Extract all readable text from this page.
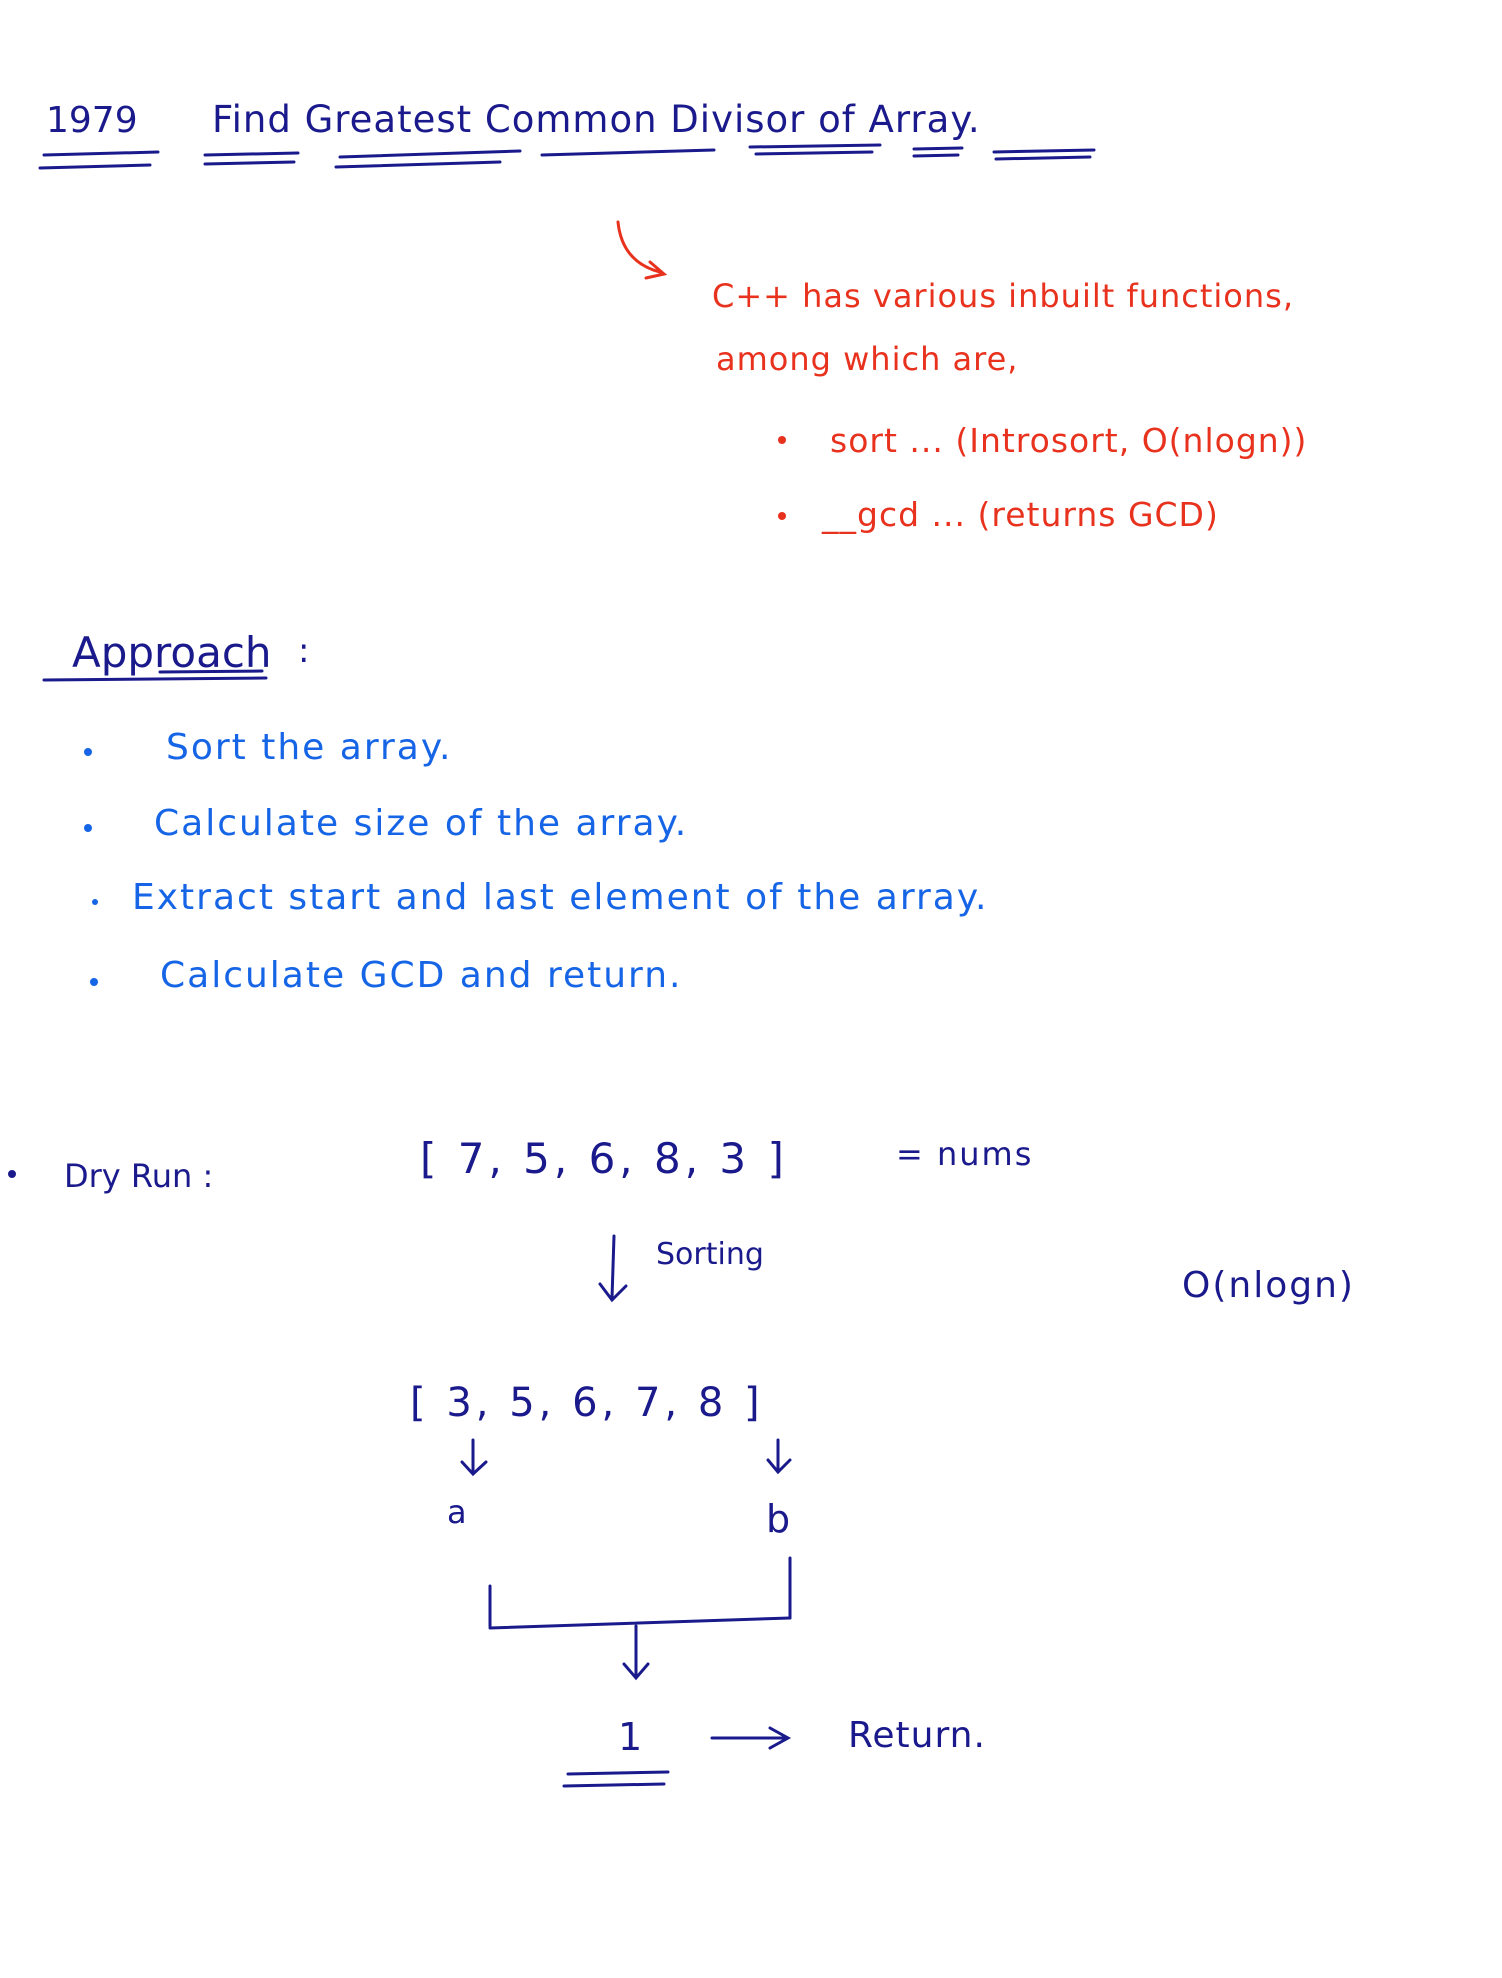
1979 Find Greatest Common Divisor of Array.
C++ has various inbuilt functions,
among which are,
sort ... (Introsort, O(nlogn))
__gcd ... (returns GCD)
Approach :
Sort the array.
Calculate size of the array.
Extract start and last element of the array.
Calculate GCD and return.
Dry Run :	[ 7, 5, 6, 8, 3 ]	= nums
Sorting
O(nlogn)
[ 3, 5, 6, 7, 8 ]
a	b
1	Return.
